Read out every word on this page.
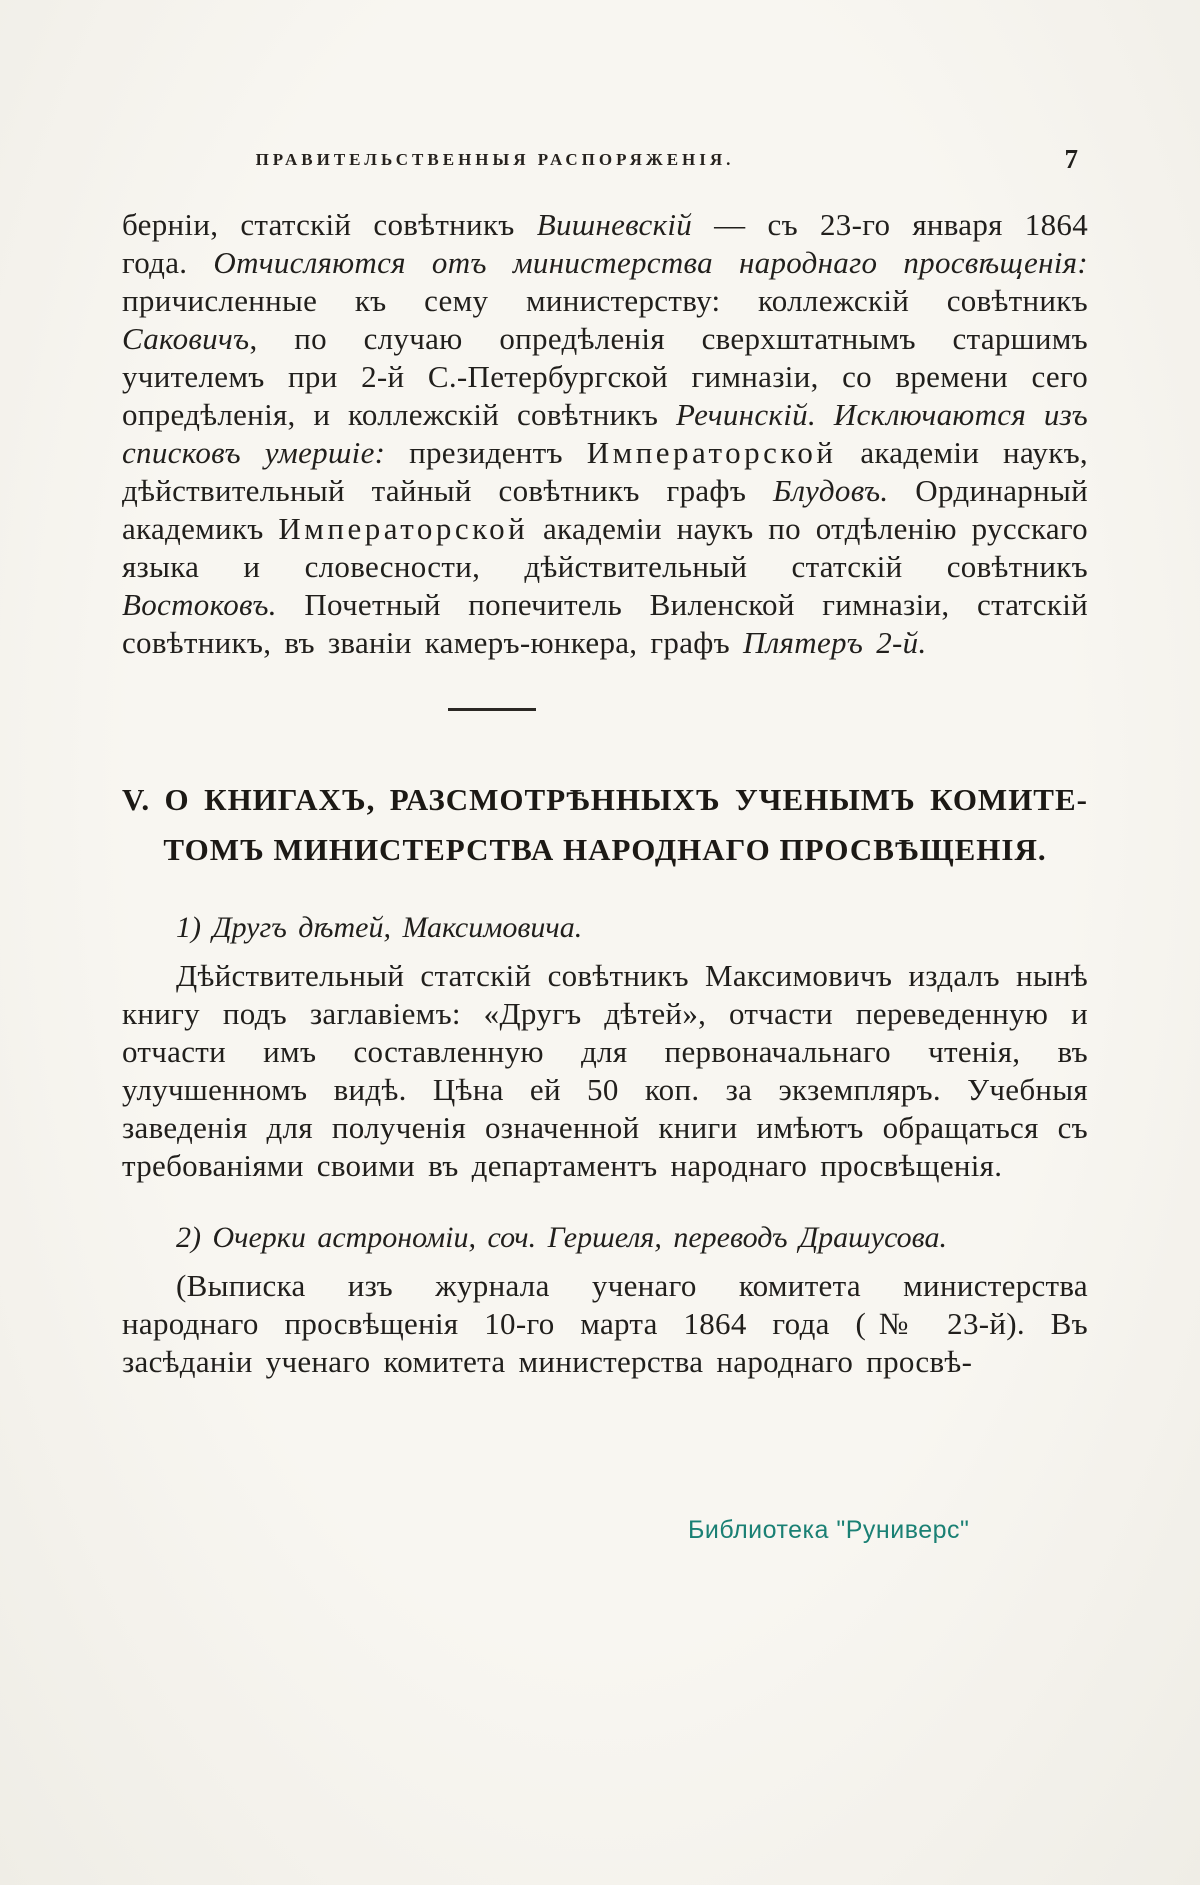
ПРАВИТЕЛЬСТВЕННЫЯ РАСПОРЯЖЕНІЯ.	7

берніи, статскій совѣтникъ Вишневскій — съ 23-го января 1864 года. Отчисляются отъ министерства народнаго просвѣщенія: причисленные къ сему министерству: коллежскій совѣтникъ Саковичъ, по случаю опредѣленія сверхштатнымъ старшимъ учителемъ при 2-й С.-Петербургской гимназіи, со времени сего опредѣленія, и коллежскій совѣтникъ Речинскій. Исключаются изъ списковъ умершіе: президентъ Императорской академіи наукъ, дѣйствительный тайный совѣтникъ графъ Блудовъ. Ординарный академикъ Императорской академіи наукъ по отдѣленію русскаго языка и словесности, дѣйствительный статскій совѣтникъ Востоковъ. Почетный попечитель Виленской гимназіи, статскій совѣтникъ, въ званіи камеръ-юнкера, графъ Плятеръ 2-й.

V. О КНИГАХЪ, РАЗСМОТРѢННЫХЪ УЧЕНЫМЪ КОМИТЕ-
ТОМЪ МИНИСТЕРСТВА НАРОДНАГО ПРОСВѢЩЕНІЯ.

1) Другъ дѣтей, Максимовича.

Дѣйствительный статскій совѣтникъ Максимовичъ издалъ нынѣ книгу подъ заглавіемъ: «Другъ дѣтей», отчасти переведенную и отчасти имъ составленную для первоначальнаго чтенія, въ улучшенномъ видѣ. Цѣна ей 50 коп. за экземпляръ. Учебныя заведенія для полученія означенной книги имѣютъ обращаться съ требованіями своими въ департаментъ народнаго просвѣщенія.

2) Очерки астрономіи, соч. Гершеля, переводъ Драшусова.

(Выписка изъ журнала ученаго комитета министерства народнаго просвѣщенія 10-го марта 1864 года (№ 23-й). Въ засѣданіи ученаго комитета министерства народнаго просвѣ-

Библиотека "Руниверс"
